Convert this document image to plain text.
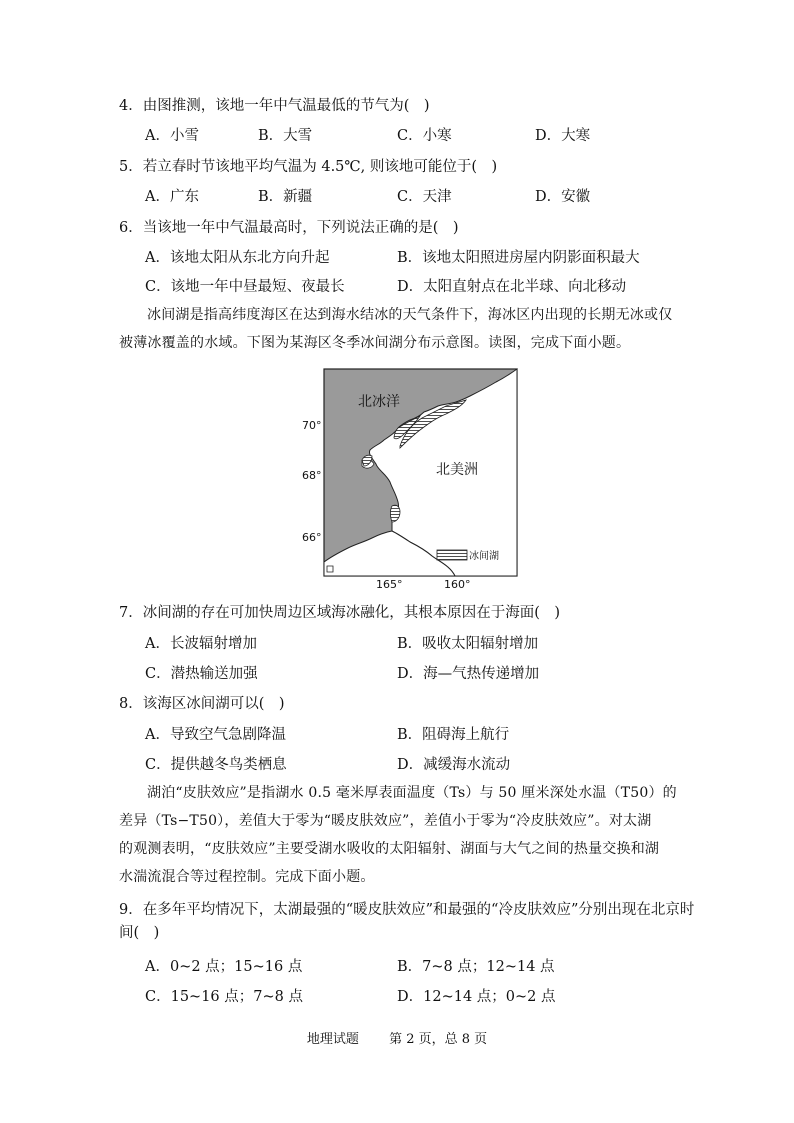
4．由图推测，该地一年中气温最低的节气为(　)
A．小雪	B．大雪	C．小寒	D．大寒
5．若立春时节该地平均气温为 4.5℃, 则该地可能位于(　)
A．广东	B．新疆	C．天津	D．安徽
6．当该地一年中气温最高时，下列说法正确的是(　)
A．该地太阳从东北方向升起	B．该地太阳照进房屋内阴影面积最大
C．该地一年中昼最短、夜最长	D．太阳直射点在北半球、向北移动
冰间湖是指高纬度海区在达到海水结冰的天气条件下，海冰区内出现的长期无冰或仅
被薄冰覆盖的水域。下图为某海区冬季冰间湖分布示意图。读图，完成下面小题。
北冰洋
北美洲
70°
68°
66°
165°	160°
冰间湖
7．冰间湖的存在可加快周边区域海冰融化，其根本原因在于海面(　)
A．长波辐射增加	B．吸收太阳辐射增加
C．潜热输送加强	D．海—气热传递增加
8．该海区冰间湖可以(　)
A．导致空气急剧降温	B．阻碍海上航行
C．提供越冬鸟类栖息	D．减缓海水流动
湖泊“皮肤效应”是指湖水 0.5 毫米厚表面温度（Ts）与 50 厘米深处水温（T50）的
差异（Ts−T50），差值大于零为“暖皮肤效应”，差值小于零为“冷皮肤效应”。对太湖
的观测表明，“皮肤效应”主要受湖水吸收的太阳辐射、湖面与大气之间的热量交换和湖
水湍流混合等过程控制。完成下面小题。
9．在多年平均情况下，太湖最强的“暖皮肤效应”和最强的“冷皮肤效应”分别出现在北京时
间(　)
A．0~2 点；15~16 点	B．7~8 点；12~14 点
C．15~16 点；7~8 点	D．12~14 点；0~2 点
地理试题 第 2 页，总 8 页
